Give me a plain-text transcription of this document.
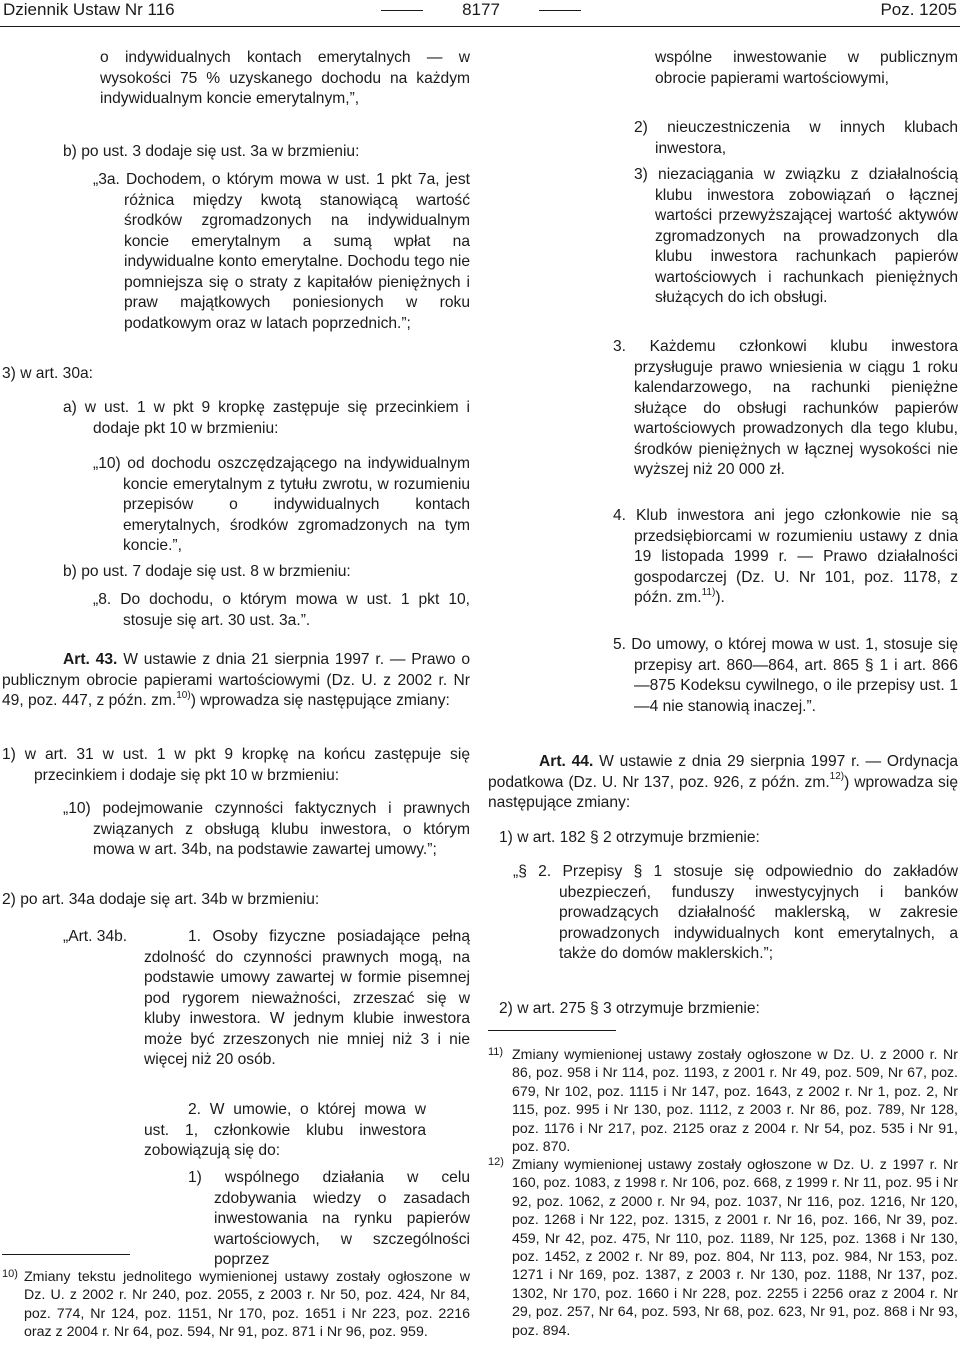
Dziennik Ustaw Nr 116	8177	Poz. 1205

o indywidualnych kontach emerytalnych — w wysokości 75 % uzyskanego dochodu na każdym indywidualnym koncie emerytalnym,”,

b) po ust. 3 dodaje się ust. 3a w brzmieniu:

„3a. Dochodem, o którym mowa w ust. 1 pkt 7a, jest różnica między kwotą stanowiącą wartość środków zgromadzonych na indywidualnym koncie emerytalnym a sumą wpłat na indywidualne konto emerytalne. Dochodu tego nie pomniejsza się o straty z kapitałów pieniężnych i praw majątkowych poniesionych w roku podatkowym oraz w latach poprzednich.”;

3) w art. 30a:

a) w ust. 1 w pkt 9 kropkę zastępuje się przecinkiem i dodaje pkt 10 w brzmieniu:

„10) od dochodu oszczędzającego na indywidualnym koncie emerytalnym z tytułu zwrotu, w rozumieniu przepisów o indywidualnych kontach emerytalnych, środków zgromadzonych na tym koncie.”,

b) po ust. 7 dodaje się ust. 8 w brzmieniu:

„8. Do dochodu, o którym mowa w ust. 1 pkt 10, stosuje się art. 30 ust. 3a.”.

Art. 43. W ustawie z dnia 21 sierpnia 1997 r. — Prawo o publicznym obrocie papierami wartościowymi (Dz. U. z 2002 r. Nr 49, poz. 447, z późn. zm.$^{10)}$) wprowadza się następujące zmiany:

1) w art. 31 w ust. 1 w pkt 9 kropkę na końcu zastępuje się przecinkiem i dodaje się pkt 10 w brzmieniu:

„10) podejmowanie czynności faktycznych i prawnych związanych z obsługą klubu inwestora, o którym mowa w art. 34b, na podstawie zawartej umowy.”;

2) po art. 34a dodaje się art. 34b w brzmieniu:

„Art. 34b.	1. Osoby fizyczne posiadające pełną zdolność do czynności prawnych mogą, na podstawie umowy zawartej w formie pisemnej pod rygorem nieważności, zrzeszać się w kluby inwestora. W jednym klubie inwestora może być zrzeszonych nie mniej niż 3 i nie więcej niż 20 osób.

2. W umowie, o której mowa w ust. 1, członkowie klubu inwestora zobowiązują się do:

1) wspólnego działania w celu zdobywania wiedzy o zasadach inwestowania na rynku papierów wartościowych, w szczególności poprzez

10) Zmiany tekstu jednolitego wymienionej ustawy zostały ogłoszone w Dz. U. z 2002 r. Nr 240, poz. 2055, z 2003 r. Nr 50, poz. 424, Nr 84, poz. 774, Nr 124, poz. 1151, Nr 170, poz. 1651 i Nr 223, poz. 2216 oraz z 2004 r. Nr 64, poz. 594, Nr 91, poz. 871 i Nr 96, poz. 959.

wspólne inwestowanie w publicznym obrocie papierami wartościowymi,

2) nieuczestniczenia w innych klubach inwestora,

3) niezaciągania w związku z działalnością klubu inwestora zobowiązań o łącznej wartości przewyższającej wartość aktywów zgromadzonych na prowadzonych dla klubu inwestora rachunkach papierów wartościowych i rachunkach pieniężnych służących do ich obsługi.

3. Każdemu członkowi klubu inwestora przysługuje prawo wniesienia w ciągu 1 roku kalendarzowego, na rachunki pieniężne służące do obsługi rachunków papierów wartościowych prowadzonych dla tego klubu, środków pieniężnych w łącznej wysokości nie wyższej niż 20 000 zł.

4. Klub inwestora ani jego członkowie nie są przedsiębiorcami w rozumieniu ustawy z dnia 19 listopada 1999 r. — Prawo działalności gospodarczej (Dz. U. Nr 101, poz. 1178, z późn. zm.$^{11)}$).

5. Do umowy, o której mowa w ust. 1, stosuje się przepisy art. 860—864, art. 865 § 1 i art. 866—875 Kodeksu cywilnego, o ile przepisy ust. 1—4 nie stanowią inaczej.”.

Art. 44. W ustawie z dnia 29 sierpnia 1997 r. — Ordynacja podatkowa (Dz. U. Nr 137, poz. 926, z późn. zm.$^{12)}$) wprowadza się następujące zmiany:

1) w art. 182 § 2 otrzymuje brzmienie:

„§ 2. Przepisy § 1 stosuje się odpowiednio do zakładów ubezpieczeń, funduszy inwestycyjnych i banków prowadzących działalność maklerską, w zakresie prowadzonych indywidualnych kont emerytalnych, a także do domów maklerskich.”;

2) w art. 275 § 3 otrzymuje brzmienie:

11) Zmiany wymienionej ustawy zostały ogłoszone w Dz. U. z 2000 r. Nr 86, poz. 958 i Nr 114, poz. 1193, z 2001 r. Nr 49, poz. 509, Nr 67, poz. 679, Nr 102, poz. 1115 i Nr 147, poz. 1643, z 2002 r. Nr 1, poz. 2, Nr 115, poz. 995 i Nr 130, poz. 1112, z 2003 r. Nr 86, poz. 789, Nr 128, poz. 1176 i Nr 217, poz. 2125 oraz z 2004 r. Nr 54, poz. 535 i Nr 91, poz. 870.

12) Zmiany wymienionej ustawy zostały ogłoszone w Dz. U. z 1997 r. Nr 160, poz. 1083, z 1998 r. Nr 106, poz. 668, z 1999 r. Nr 11, poz. 95 i Nr 92, poz. 1062, z 2000 r. Nr 94, poz. 1037, Nr 116, poz. 1216, Nr 120, poz. 1268 i Nr 122, poz. 1315, z 2001 r. Nr 16, poz. 166, Nr 39, poz. 459, Nr 42, poz. 475, Nr 110, poz. 1189, Nr 125, poz. 1368 i Nr 130, poz. 1452, z 2002 r. Nr 89, poz. 804, Nr 113, poz. 984, Nr 153, poz. 1271 i Nr 169, poz. 1387, z 2003 r. Nr 130, poz. 1188, Nr 137, poz. 1302, Nr 170, poz. 1660 i Nr 228, poz. 2255 i 2256 oraz z 2004 r. Nr 29, poz. 257, Nr 64, poz. 593, Nr 68, poz. 623, Nr 91, poz. 868 i Nr 93, poz. 894.
